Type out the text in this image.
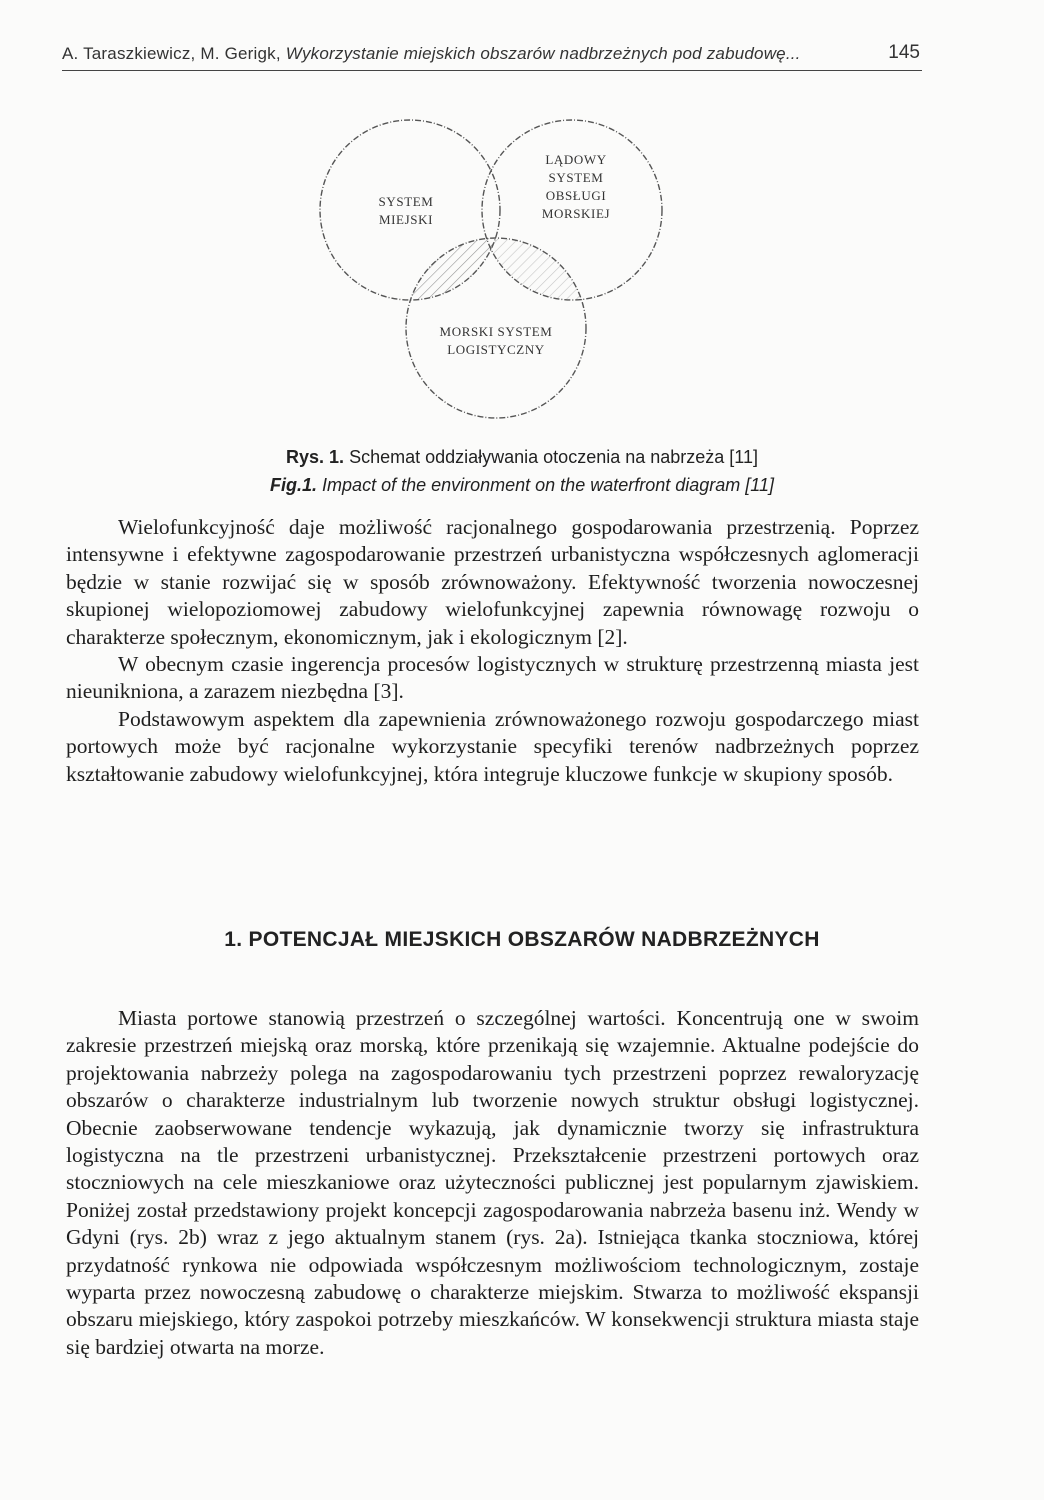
A. Taraszkiewicz, M. Gerigk, Wykorzystanie miejskich obszarów nadbrzeżnych pod zabudowę...	145
SYSTEM
MIEJSKI
LĄDOWY
SYSTEM
OBSŁUGI
MORSKIEJ
MORSKI SYSTEM
LOGISTYCZNY
Rys. 1. Schemat oddziaływania otoczenia na nabrzeża [11]
Fig.1. Impact of the environment on the waterfront diagram [11]

Wielofunkcyjność daje możliwość racjonalnego gospodarowania przestrzenią. Poprzez intensywne i efektywne zagospodarowanie przestrzeń urbanistyczna współczesnych aglomeracji będzie w stanie rozwijać się w sposób zrównoważony. Efektywność tworzenia nowoczesnej skupionej wielopoziomowej zabudowy wielofunkcyjnej zapewnia równowagę rozwoju o charakterze społecznym, ekonomicznym, jak i ekologicznym [2].

W obecnym czasie ingerencja procesów logistycznych w strukturę przestrzenną miasta jest nieunikniona, a zarazem niezbędna [3].

Podstawowym aspektem dla zapewnienia zrównoważonego rozwoju gospodarczego miast portowych może być racjonalne wykorzystanie specyfiki terenów nadbrzeżnych poprzez kształtowanie zabudowy wielofunkcyjnej, która integruje kluczowe funkcje w skupiony sposób.

1. POTENCJAŁ MIEJSKICH OBSZARÓW NADBRZEŻNYCH

Miasta portowe stanowią przestrzeń o szczególnej wartości. Koncentrują one w swoim zakresie przestrzeń miejską oraz morską, które przenikają się wzajemnie. Aktualne podejście do projektowania nabrzeży polega na zagospodarowaniu tych przestrzeni poprzez rewaloryzację obszarów o charakterze industrialnym lub tworzenie nowych struktur obsługi logistycznej. Obecnie zaobserwowane tendencje wykazują, jak dynamicznie tworzy się infrastruktura logistyczna na tle przestrzeni urbanistycznej. Przekształcenie przestrzeni portowych oraz stoczniowych na cele mieszkaniowe oraz użyteczności publicznej jest popularnym zjawiskiem. Poniżej został przedstawiony projekt koncepcji zagospodarowania nabrzeża basenu inż. Wendy w Gdyni (rys. 2b) wraz z jego aktualnym stanem (rys. 2a). Istniejąca tkanka stoczniowa, której przydatność rynkowa nie odpowiada współczesnym możliwościom technologicznym, zostaje wyparta przez nowoczesną zabudowę o charakterze miejskim. Stwarza to możliwość ekspansji obszaru miejskiego, który zaspokoi potrzeby mieszkańców. W konsekwencji struktura miasta staje się bardziej otwarta na morze.
